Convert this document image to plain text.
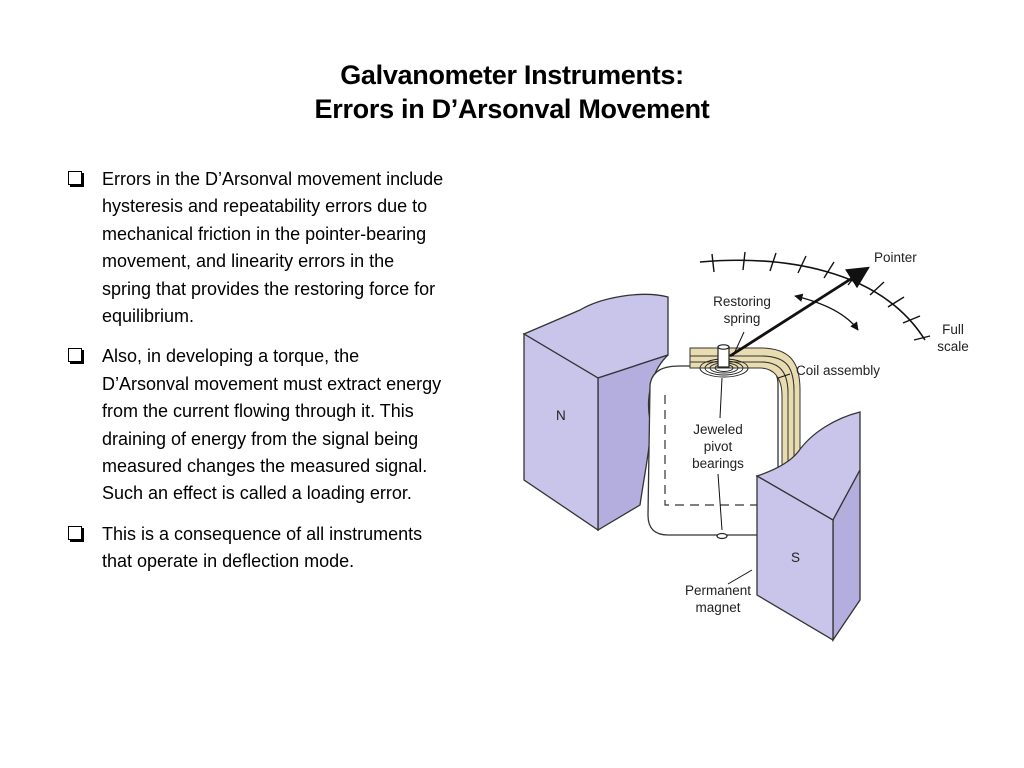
Galvanometer Instruments:
Errors in D’Arsonval Movement
Errors in the D’Arsonval movement include hysteresis and repeatability errors due to mechanical friction in the pointer-bearing movement, and linearity errors in the spring that provides the restoring force for equilibrium.
Also, in developing a torque, the D’Arsonval movement must extract energy from the current flowing through it. This draining of energy from the signal being measured changes the measured signal. Such an effect is called a loading error.
This is a consequence of all instruments that operate in deflection mode.
Pointer
Restoring
spring
Full
scale
Coil assembly
Jeweled
pivot
bearings
N
S
Permanent
magnet
